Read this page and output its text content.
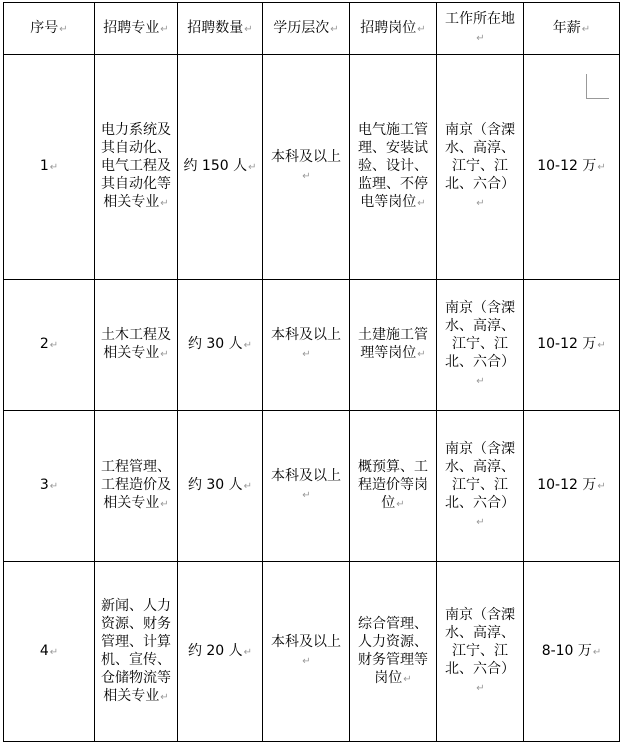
序号↵	招聘专业↵	招聘数量↵	学历层次↵	招聘岗位↵	工作所在地↵	年薪↵
1↵	电力系统及其自动化、电气工程及其自动化等相关专业↵	约 150 人↵	本科及以上↵	电气施工管理、安装试验、设计、监理、不停电等岗位↵	南京（含溧水、高淳、江宁、江北、六合）↵	10-12 万↵
2↵	土木工程及相关专业↵	约 30 人↵	本科及以上↵	土建施工管理等岗位↵	南京（含溧水、高淳、江宁、江北、六合）↵	10-12 万↵
3↵	工程管理、工程造价及相关专业↵	约 30 人↵	本科及以上↵	概预算、工程造价等岗位↵	南京（含溧水、高淳、江宁、江北、六合）↵	10-12 万↵
4↵	新闻、人力资源、财务管理、计算机、宣传、仓储物流等相关专业↵	约 20 人↵	本科及以上↵	综合管理、人力资源、财务管理等岗位↵	南京（含溧水、高淳、江宁、江北、六合）↵	8-10 万↵
